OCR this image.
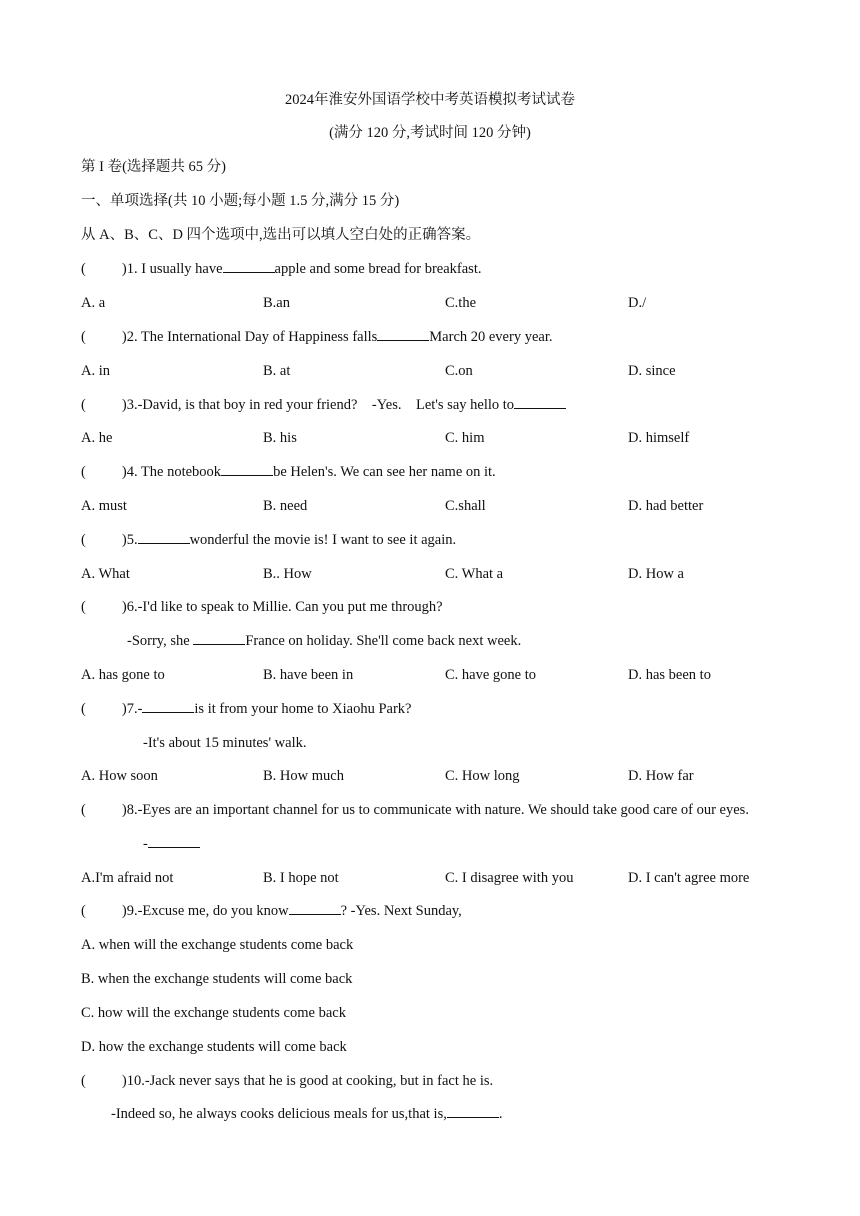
2024年淮安外国语学校中考英语模拟考试试卷
(满分 120 分,考试时间 120 分钟)
第 I 卷(选择题共 65 分)
一、单项选择(共 10 小题;每小题 1.5 分,满分 15 分)
从 A、B、C、D 四个选项中,选出可以填人空白处的正确答案。
( )1. I usually have	apple and some bread for breakfast.
A. a	B.an	C.the	D./
( )2. The International Day of Happiness falls	March 20 every year.
A. in	B. at	C.on	D. since
( )3.-David, is that boy in red your friend?    -Yes.    Let's say hello to
A. he	B. his	C. him	D. himself
( )4. The notebook	be Helen's. We can see her name on it.
A. must	B. need	C.shall	D. had better
( )5.	wonderful the movie is! I want to see it again.
A. What	B.. How	C. What a	D. How a
( )6.-I'd like to speak to Millie. Can you put me through?
-Sorry, she	France on holiday. She'll come back next week.
A. has gone to	B. have been in	C. have gone to	D. has been to
( )7.-	is it from your home to Xiaohu Park?
-It's about 15 minutes' walk.
A. How soon	B. How much	C. How long	D. How far
( )8.-Eyes are an important channel for us to communicate with nature. We should take good care of our eyes.
-
A.I'm afraid not	B. I hope not	C. I disagree with you	D. I can't agree more
( )9.-Excuse me, do you know	? -Yes. Next Sunday,
A. when will the exchange students come back
B. when the exchange students will come back
C. how will the exchange students come back
D. how the exchange students will come back
( )10.-Jack never says that he is good at cooking, but in fact he is.
-Indeed so, he always cooks delicious meals for us,that is,	.
